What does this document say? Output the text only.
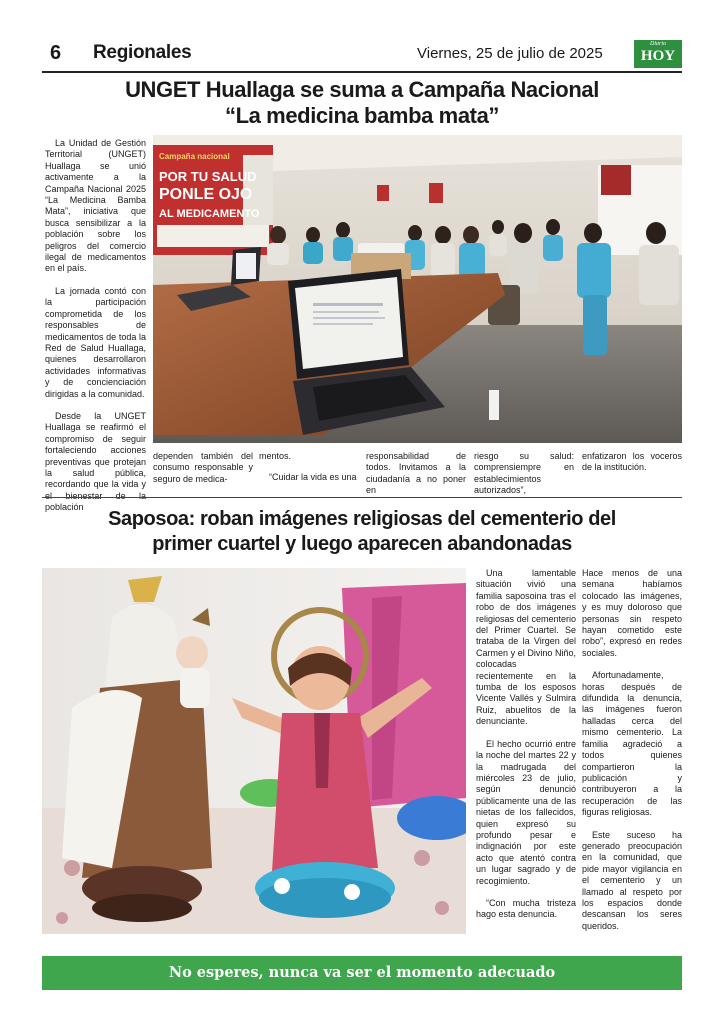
6 Regionales	Viernes, 25 de julio de 2025
Diario
HOY
UNGET Huallaga se suma a Campaña Nacional
“La medicina bamba mata”

La Unidad de Gestión Territorial (UNGET) Huallaga se unió activamente a la Campaña Nacional 2025 “La Medicina Bamba Mata”, iniciativa que busca sensibilizar a la población sobre los peligros del comercio ilegal de medicamentos en el país.

La jornada contó con la participación comprometida de los responsables de medicamentos de toda la Red de Salud Huallaga, quienes desarrollaron actividades informativas y de concienciación dirigidas a la comunidad.

Desde la UNGET Huallaga se reafirmó el compromiso de seguir fortaleciendo acciones preventivas que protejan la salud pública, recordando que la vida y el bienestar de la población

Campaña nacional
POR TU SALUD
PONLE OJO
AL MEDICAMENTO

dependen también del consumo responsable y seguro de medica-

mentos.

“Cuidar la vida es una

responsabilidad de todos. Invitamos a la ciudadanía a no poner en

riesgo su salud: comprensiempre en establecimientos autorizados”,

enfatizaron los voceros de la institución.

Saposoa: roban imágenes religiosas del cementerio del
primer cuartel y luego aparecen abandonadas

Una lamentable situación vivió una familia saposoina tras el robo de dos imágenes religiosas del cementerio del Primer Cuartel. Se trataba de la Virgen del Carmen y el Divino Niño, colocadas recientemente en la tumba de los esposos Vicente Vallés y Sulmira Ruiz, abuelitos de la denunciante.

El hecho ocurrió entre la noche del martes 22 y la madrugada del miércoles 23 de julio, según denunció públicamente una de las nietas de los fallecidos, quien expresó su profundo pesar e indignación por este acto que atentó contra un lugar sagrado y de recogimiento.

“Con mucha tristeza hago esta denuncia.

Hace menos de una semana habíamos colocado las imágenes, y es muy doloroso que personas sin respeto hayan cometido este robo”, expresó en redes sociales.

Afortunadamente, horas después de difundida la denuncia, las imágenes fueron halladas cerca del mismo cementerio. La familia agradeció a todos quienes compartieron la publicación y contribuyeron a la recuperación de las figuras religiosas.

Este suceso ha generado preocupación en la comunidad, que pide mayor vigilancia en el cementerio y un llamado al respeto por los espacios donde descansan los seres queridos.

No esperes, nunca va ser el momento adecuado
